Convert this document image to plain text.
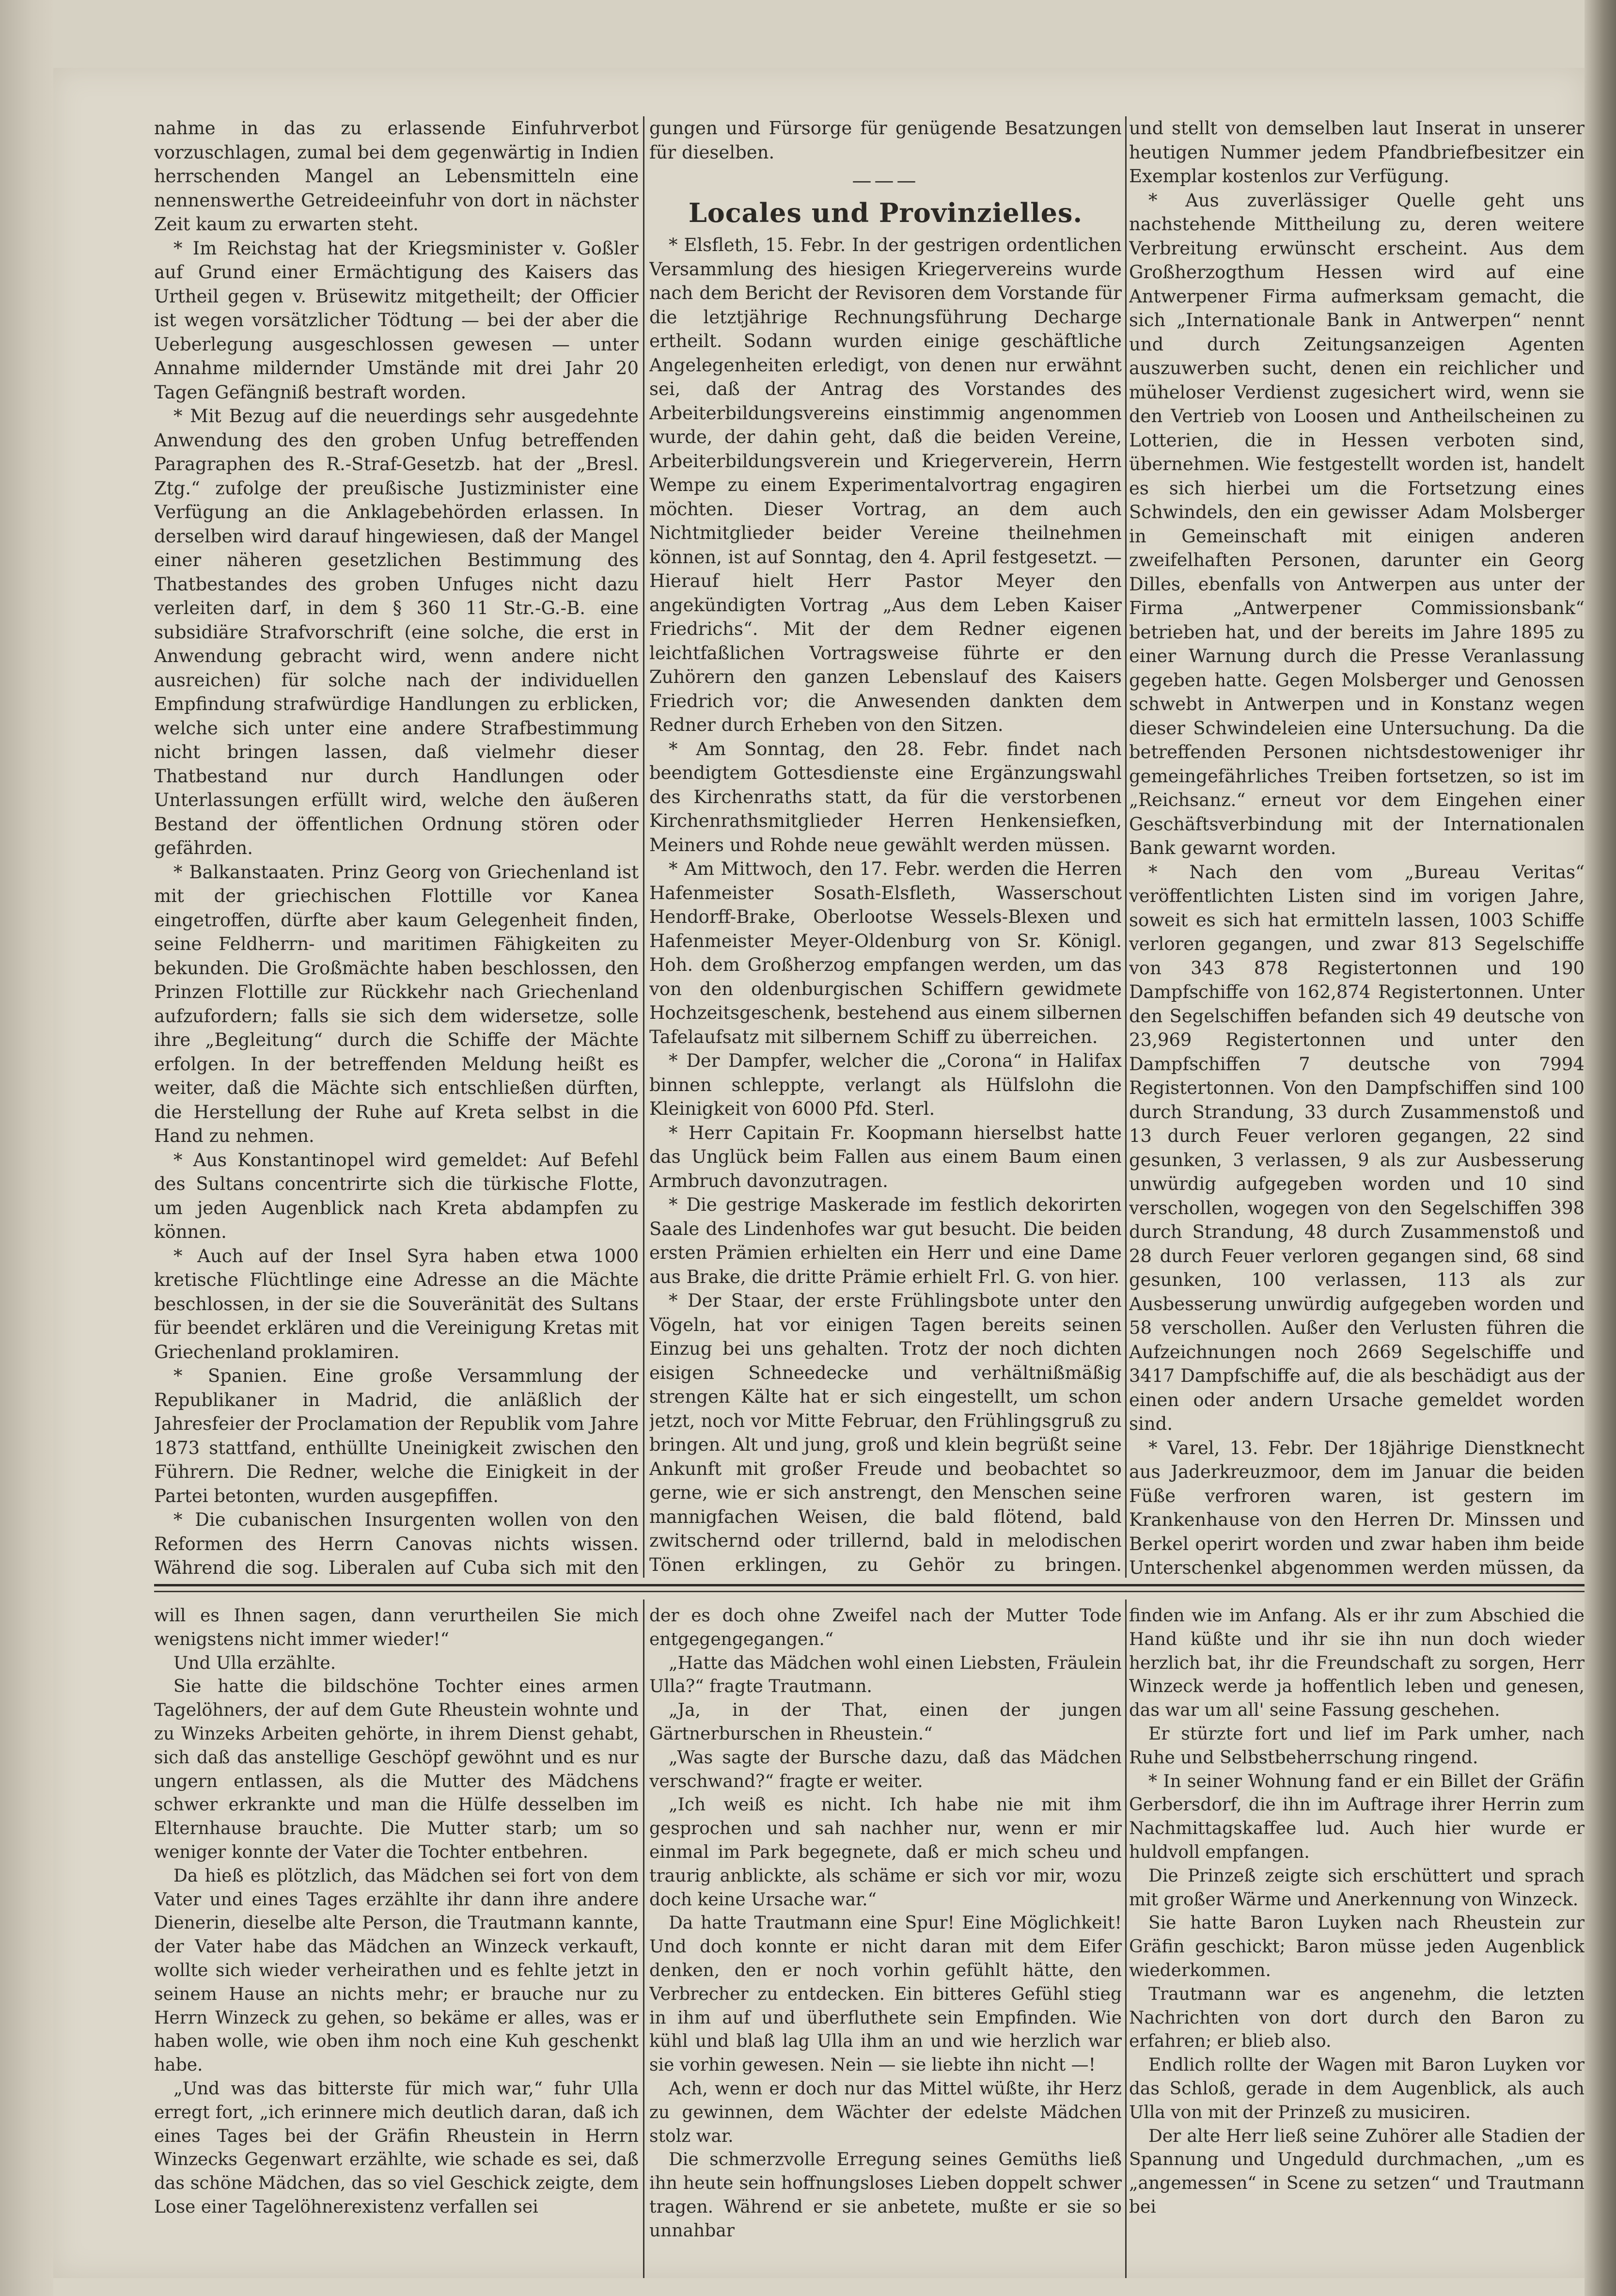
nahme in das zu erlassende Einfuhrverbot vorzuschlagen, zumal bei dem gegenwärtig in Indien herrschenden Mangel an Lebensmitteln eine nennenswerthe Getreideeinfuhr von dort in nächster Zeit kaum zu erwarten steht.

* Im Reichstag hat der Kriegsminister v. Goßler auf Grund einer Ermächtigung des Kaisers das Urtheil gegen v. Brüsewitz mitgetheilt; der Officier ist wegen vorsätzlicher Tödtung — bei der aber die Ueberlegung ausgeschlossen gewesen — unter Annahme mildernder Umstände mit drei Jahr 20 Tagen Gefängniß bestraft worden.

* Mit Bezug auf die neuerdings sehr ausgedehnte Anwendung des den groben Unfug betreffenden Paragraphen des R.-Straf-Gesetzb. hat der „Bresl. Ztg.“ zufolge der preußische Justizminister eine Verfügung an die Anklagebehörden erlassen. In derselben wird darauf hingewiesen, daß der Mangel einer näheren gesetzlichen Bestimmung des Thatbestandes des groben Unfuges nicht dazu verleiten darf, in dem § 360 11 Str.-G.-B. eine subsidiäre Strafvorschrift (eine solche, die erst in Anwendung gebracht wird, wenn andere nicht ausreichen) für solche nach der individuellen Empfindung strafwürdige Handlungen zu erblicken, welche sich unter eine andere Strafbestimmung nicht bringen lassen, daß vielmehr dieser Thatbestand nur durch Handlungen oder Unterlassungen erfüllt wird, welche den äußeren Bestand der öffentlichen Ordnung stören oder gefährden.

* Balkanstaaten. Prinz Georg von Griechenland ist mit der griechischen Flottille vor Kanea eingetroffen, dürfte aber kaum Gelegenheit finden, seine Feldherrn- und maritimen Fähigkeiten zu bekunden. Die Großmächte haben beschlossen, den Prinzen Flottille zur Rückkehr nach Griechenland aufzufordern; falls sie sich dem widersetze, solle ihre „Begleitung“ durch die Schiffe der Mächte erfolgen. In der betreffenden Meldung heißt es weiter, daß die Mächte sich entschließen dürften, die Herstellung der Ruhe auf Kreta selbst in die Hand zu nehmen.

* Aus Konstantinopel wird gemeldet: Auf Befehl des Sultans concentrirte sich die türkische Flotte, um jeden Augenblick nach Kreta abdampfen zu können.

* Auch auf der Insel Syra haben etwa 1000 kretische Flüchtlinge eine Adresse an die Mächte beschlossen, in der sie die Souveränität des Sultans für beendet erklären und die Vereinigung Kretas mit Griechenland proklamiren.

* Spanien. Eine große Versammlung der Republikaner in Madrid, die anläßlich der Jahresfeier der Proclamation der Republik vom Jahre 1873 stattfand, enthüllte Uneinigkeit zwischen den Führern. Die Redner, welche die Einigkeit in der Partei betonten, wurden ausgepfiffen.

* Die cubanischen Insurgenten wollen von den Reformen des Herrn Canovas nichts wissen. Während die sog. Liberalen auf Cuba sich mit den

gungen und Fürsorge für genügende Besatzungen für dieselben.

———
Locales und Provinzielles.

* Elsfleth, 15. Febr. In der gestrigen ordentlichen Versammlung des hiesigen Kriegervereins wurde nach dem Bericht der Revisoren dem Vorstande für die letztjährige Rechnungsführung Decharge ertheilt. Sodann wurden einige geschäftliche Angelegenheiten erledigt, von denen nur erwähnt sei, daß der Antrag des Vorstandes des Arbeiterbildungsvereins einstimmig angenommen wurde, der dahin geht, daß die beiden Vereine, Arbeiterbildungsverein und Kriegerverein, Herrn Wempe zu einem Experimentalvortrag engagiren möchten. Dieser Vortrag, an dem auch Nichtmitglieder beider Vereine theilnehmen können, ist auf Sonntag, den 4. April festgesetzt. — Hierauf hielt Herr Pastor Meyer den angekündigten Vortrag „Aus dem Leben Kaiser Friedrichs“. Mit der dem Redner eigenen leichtfaßlichen Vortragsweise führte er den Zuhörern den ganzen Lebenslauf des Kaisers Friedrich vor; die Anwesenden dankten dem Redner durch Erheben von den Sitzen.

* Am Sonntag, den 28. Febr. findet nach beendigtem Gottesdienste eine Ergänzungswahl des Kirchenraths statt, da für die verstorbenen Kirchenrathsmitglieder Herren Henkensiefken, Meiners und Rohde neue gewählt werden müssen.

* Am Mittwoch, den 17. Febr. werden die Herren Hafenmeister Sosath-Elsfleth, Wasserschout Hendorff-Brake, Oberlootse Wessels-Blexen und Hafenmeister Meyer-Oldenburg von Sr. Königl. Hoh. dem Großherzog empfangen werden, um das von den oldenburgischen Schiffern gewidmete Hochzeitsgeschenk, bestehend aus einem silbernen Tafelaufsatz mit silbernem Schiff zu überreichen.

* Der Dampfer, welcher die „Corona“ in Halifax binnen schleppte, verlangt als Hülfslohn die Kleinigkeit von 6000 Pfd. Sterl.

* Herr Capitain Fr. Koopmann hierselbst hatte das Unglück beim Fallen aus einem Baum einen Armbruch davonzutragen.

* Die gestrige Maskerade im festlich dekorirten Saale des Lindenhofes war gut besucht. Die beiden ersten Prämien erhielten ein Herr und eine Dame aus Brake, die dritte Prämie erhielt Frl. G. von hier.

* Der Staar, der erste Frühlingsbote unter den Vögeln, hat vor einigen Tagen bereits seinen Einzug bei uns gehalten. Trotz der noch dichten eisigen Schneedecke und verhältnißmäßig strengen Kälte hat er sich eingestellt, um schon jetzt, noch vor Mitte Februar, den Frühlingsgruß zu bringen. Alt und jung, groß und klein begrüßt seine Ankunft mit großer Freude und beobachtet so gerne, wie er sich anstrengt, den Menschen seine mannigfachen Weisen, die bald flötend, bald zwitschernd oder trillernd, bald in melodischen Tönen erklingen, zu Gehör zu bringen.

und stellt von demselben laut Inserat in unserer heutigen Nummer jedem Pfandbriefbesitzer ein Exemplar kostenlos zur Verfügung.

* Aus zuverlässiger Quelle geht uns nachstehende Mittheilung zu, deren weitere Verbreitung erwünscht erscheint. Aus dem Großherzogthum Hessen wird auf eine Antwerpener Firma aufmerksam gemacht, die sich „Internationale Bank in Antwerpen“ nennt und durch Zeitungsanzeigen Agenten auszuwerben sucht, denen ein reichlicher und müheloser Verdienst zugesichert wird, wenn sie den Vertrieb von Loosen und Antheilscheinen zu Lotterien, die in Hessen verboten sind, übernehmen. Wie festgestellt worden ist, handelt es sich hierbei um die Fortsetzung eines Schwindels, den ein gewisser Adam Molsberger in Gemeinschaft mit einigen anderen zweifelhaften Personen, darunter ein Georg Dilles, ebenfalls von Antwerpen aus unter der Firma „Antwerpener Commissionsbank“ betrieben hat, und der bereits im Jahre 1895 zu einer Warnung durch die Presse Veranlassung gegeben hatte. Gegen Molsberger und Genossen schwebt in Antwerpen und in Konstanz wegen dieser Schwindeleien eine Untersuchung. Da die betreffenden Personen nichtsdestoweniger ihr gemeingefährliches Treiben fortsetzen, so ist im „Reichsanz.“ erneut vor dem Eingehen einer Geschäftsverbindung mit der Internationalen Bank gewarnt worden.

* Nach den vom „Bureau Veritas“ veröffentlichten Listen sind im vorigen Jahre, soweit es sich hat ermitteln lassen, 1003 Schiffe verloren gegangen, und zwar 813 Segelschiffe von 343 878 Registertonnen und 190 Dampfschiffe von 162,874 Registertonnen. Unter den Segelschiffen befanden sich 49 deutsche von 23,969 Registertonnen und unter den Dampfschiffen 7 deutsche von 7994 Registertonnen. Von den Dampfschiffen sind 100 durch Strandung, 33 durch Zusammenstoß und 13 durch Feuer verloren gegangen, 22 sind gesunken, 3 verlassen, 9 als zur Ausbesserung unwürdig aufgegeben worden und 10 sind verschollen, wogegen von den Segelschiffen 398 durch Strandung, 48 durch Zusammenstoß und 28 durch Feuer verloren gegangen sind, 68 sind gesunken, 100 verlassen, 113 als zur Ausbesserung unwürdig aufgegeben worden und 58 verschollen. Außer den Verlusten führen die Aufzeichnungen noch 2669 Segelschiffe und 3417 Dampfschiffe auf, die als beschädigt aus der einen oder andern Ursache gemeldet worden sind.

* Varel, 13. Febr. Der 18jährige Dienstknecht aus Jaderkreuzmoor, dem im Januar die beiden Füße verfroren waren, ist gestern im Krankenhause von den Herren Dr. Minssen und Berkel operirt worden und zwar haben ihm beide Unterschenkel abgenommen werden müssen, da

will es Ihnen sagen, dann verurtheilen Sie mich wenigstens nicht immer wieder!“

Und Ulla erzählte.

Sie hatte die bildschöne Tochter eines armen Tagelöhners, der auf dem Gute Rheustein wohnte und zu Winzeks Arbeiten gehörte, in ihrem Dienst gehabt, sich daß das anstellige Geschöpf gewöhnt und es nur ungern entlassen, als die Mutter des Mädchens schwer erkrankte und man die Hülfe desselben im Elternhause brauchte. Die Mutter starb; um so weniger konnte der Vater die Tochter entbehren.

Da hieß es plötzlich, das Mädchen sei fort von dem Vater und eines Tages erzählte ihr dann ihre andere Dienerin, dieselbe alte Person, die Trautmann kannte, der Vater habe das Mädchen an Winzeck verkauft, wollte sich wieder verheirathen und es fehlte jetzt in seinem Hause an nichts mehr; er brauche nur zu Herrn Winzeck zu gehen, so bekäme er alles, was er haben wolle, wie oben ihm noch eine Kuh geschenkt habe.

„Und was das bitterste für mich war,“ fuhr Ulla erregt fort, „ich erinnere mich deutlich daran, daß ich eines Tages bei der Gräfin Rheustein in Herrn Winzecks Gegenwart erzählte, wie schade es sei, daß das schöne Mädchen, das so viel Geschick zeigte, dem Lose einer Tagelöhnerexistenz verfallen sei

der es doch ohne Zweifel nach der Mutter Tode entgegengegangen.“

„Hatte das Mädchen wohl einen Liebsten, Fräulein Ulla?“ fragte Trautmann.

„Ja, in der That, einen der jungen Gärtnerburschen in Rheustein.“

„Was sagte der Bursche dazu, daß das Mädchen verschwand?“ fragte er weiter.

„Ich weiß es nicht. Ich habe nie mit ihm gesprochen und sah nachher nur, wenn er mir einmal im Park begegnete, daß er mich scheu und traurig anblickte, als schäme er sich vor mir, wozu doch keine Ursache war.“

Da hatte Trautmann eine Spur! Eine Möglichkeit! Und doch konnte er nicht daran mit dem Eifer denken, den er noch vorhin gefühlt hätte, den Verbrecher zu entdecken. Ein bitteres Gefühl stieg in ihm auf und überfluthete sein Empfinden. Wie kühl und blaß lag Ulla ihm an und wie herzlich war sie vorhin gewesen. Nein — sie liebte ihn nicht —!

Ach, wenn er doch nur das Mittel wüßte, ihr Herz zu gewinnen, dem Wächter der edelste Mädchen stolz war.

Die schmerzvolle Erregung seines Gemüths ließ ihn heute sein hoffnungsloses Lieben doppelt schwer tragen. Während er sie anbetete, mußte er sie so unnahbar

finden wie im Anfang. Als er ihr zum Abschied die Hand küßte und ihr sie ihn nun doch wieder herzlich bat, ihr die Freundschaft zu sorgen, Herr Winzeck werde ja hoffentlich leben und genesen, das war um all' seine Fassung geschehen.

Er stürzte fort und lief im Park umher, nach Ruhe und Selbstbeherrschung ringend.

* In seiner Wohnung fand er ein Billet der Gräfin Gerbersdorf, die ihn im Auftrage ihrer Herrin zum Nachmittagskaffee lud. Auch hier wurde er huldvoll empfangen.

Die Prinzeß zeigte sich erschüttert und sprach mit großer Wärme und Anerkennung von Winzeck.

Sie hatte Baron Luyken nach Rheustein zur Gräfin geschickt; Baron müsse jeden Augenblick wiederkommen.

Trautmann war es angenehm, die letzten Nachrichten von dort durch den Baron zu erfahren; er blieb also.

Endlich rollte der Wagen mit Baron Luyken vor das Schloß, gerade in dem Augenblick, als auch Ulla von mit der Prinzeß zu musiciren.

Der alte Herr ließ seine Zuhörer alle Stadien der Spannung und Ungeduld durchmachen, „um es „angemessen“ in Scene zu setzen“ und Trautmann bei
